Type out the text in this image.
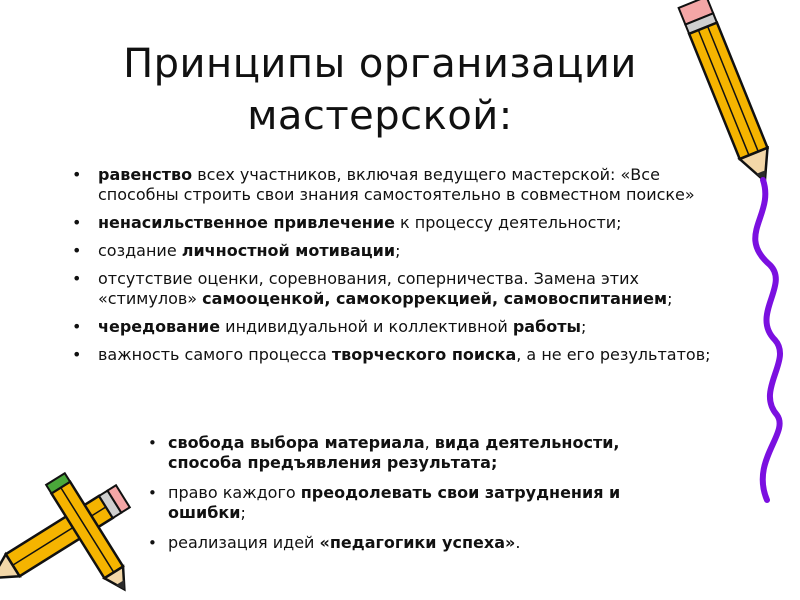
Принципы организации
мастерской:
• равенство всех участников, включая ведущего мастерской: «Все способны строить свои знания самостоятельно в совместном поиске»
• ненасильственное привлечение к процессу деятельности;
• создание личностной мотивации;
• отсутствие оценки, соревнования, соперничества. Замена этих «стимулов» самооценкой, самокоррекцией, самовоспитанием;
• чередование индивидуальной и коллективной работы;
• важность самого процесса творческого поиска, а не его результатов;
• свобода выбора материала, вида деятельности, способа предъявления результата;
• право каждого преодолевать свои затруднения и ошибки;
• реализация идей «педагогики успеха».
